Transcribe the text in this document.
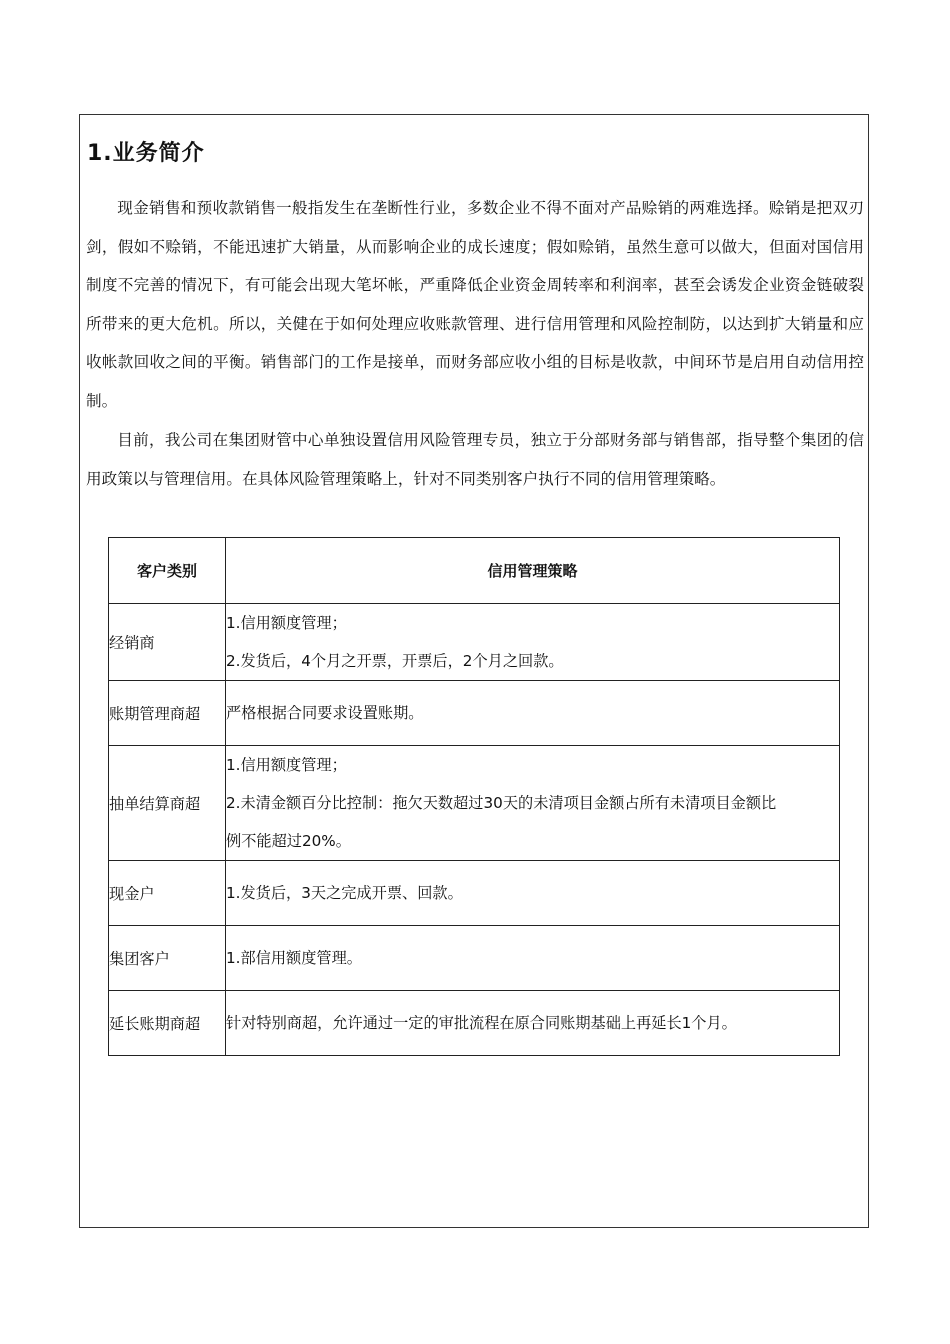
1.业务简介

现金销售和预收款销售一般指发生在垄断性行业，多数企业不得不面对产品赊销的两难选择。赊销是把双刃剑，假如不赊销，不能迅速扩大销量，从而影响企业的成长速度；假如赊销，虽然生意可以做大，但面对国信用制度不完善的情况下，有可能会出现大笔坏帐，严重降低企业资金周转率和利润率，甚至会诱发企业资金链破裂所带来的更大危机。所以，关健在于如何处理应收账款管理、进行信用管理和风险控制防，以达到扩大销量和应收帐款回收之间的平衡。销售部门的工作是接单，而财务部应收小组的目标是收款，中间环节是启用自动信用控制。

目前，我公司在集团财管中心单独设置信用风险管理专员，独立于分部财务部与销售部，指导整个集团的信用政策以与管理信用。在具体风险管理策略上，针对不同类别客户执行不同的信用管理策略。

客户类别	信用管理策略
经销商	1.信用额度管理；
2.发货后，4个月之开票，开票后，2个月之回款。

账期管理商超	严格根据合同要求设置账期。

抽单结算商超	1.信用额度管理；
2.未清金额百分比控制：拖欠天数超过30天的未清项目金额占所有未清项目金额比
例不能超过20%。

现金户	1.发货后，3天之完成开票、回款。

集团客户	1.部信用额度管理。

延长账期商超	针对特别商超，允许通过一定的审批流程在原合同账期基础上再延长1个月。
